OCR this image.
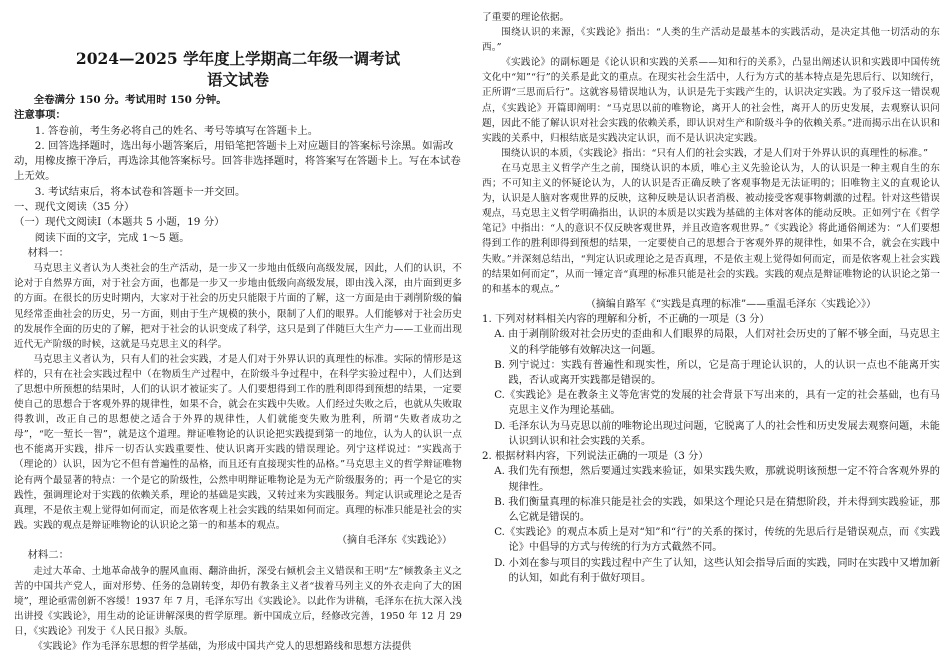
2024—2025 学年度上学期高二年级一调考试

语文试卷

全卷满分 150 分。考试用时 150 分钟。

注意事项：

1. 答卷前，考生务必将自己的姓名、考号等填写在答题卡上。

2. 回答选择题时，选出每小题答案后，用铅笔把答题卡上对应题目的答案标号涂黑。如需改动，用橡皮擦干净后，再选涂其他答案标号。回答非选择题时，将答案写在答题卡上。写在本试卷上无效。

3. 考试结束后，将本试卷和答题卡一并交回。

一、现代文阅读（35 分）

（一）现代文阅读Ⅰ（本题共 5 小题，19 分）

阅读下面的文字，完成 1～5 题。

材料一：

马克思主义者认为人类社会的生产活动，是一步又一步地由低级向高级发展，因此，人们的认识，不论对于自然界方面，对于社会方面，也都是一步又一步地由低级向高级发展，即由浅入深，由片面到更多的方面。在很长的历史时期内，大家对于社会的历史只能限于片面的了解，这一方面是由于剥削阶级的偏见经常歪曲社会的历史，另一方面，则由于生产规模的狭小，限制了人们的眼界。人们能够对于社会历史的发展作全面的历史的了解，把对于社会的认识变成了科学，这只是到了伴随巨大生产力——工业而出现近代无产阶级的时候，这就是马克思主义的科学。

马克思主义者认为，只有人们的社会实践，才是人们对于外界认识的真理性的标准。实际的情形是这样的，只有在社会实践过程中（在物质生产过程中，在阶级斗争过程中，在科学实验过程中），人们达到了思想中所预想的结果时，人们的认识才被证实了。人们要想得到工作的胜利即得到预想的结果，一定要使自己的思想合于客观外界的规律性，如果不合，就会在实践中失败。人们经过失败之后，也就从失败取得教训，改正自己的思想使之适合于外界的规律性，人们就能变失败为胜利，所谓“失败者成功之母”，“吃一堑长一智”，就是这个道理。辩证唯物论的认识论把实践提到第一的地位，认为人的认识一点也不能离开实践，排斥一切否认实践重要性、使认识离开实践的错误理论。列宁这样说过：“实践高于（理论的）认识，因为它不但有普遍性的品格，而且还有直接现实性的品格。”马克思主义的哲学辩证唯物论有两个最显著的特点：一个是它的阶级性，公然申明辩证唯物论是为无产阶级服务的；再一个是它的实践性，强调理论对于实践的依赖关系，理论的基础是实践，又转过来为实践服务。判定认识或理论之是否真理，不是依主观上觉得如何而定，而是依客观上社会实践的结果如何而定。真理的标准只能是社会的实践。实践的观点是辩证唯物论的认识论之第一的和基本的观点。

（摘自毛泽东《实践论》）

材料二：

走过大革命、土地革命战争的腥风血雨、翻浒曲折，深受右倾机会主义错误和王明“左”倾教条主义之苦的中国共产党人，面对形势、任务的急剧转变，却仍有教条主义者“拔着马列主义的外衣走向了大的困境”，理论亟需创新不容缓！1937 年 7 月，毛泽东写出《实践论》。以此作为讲稿，毛泽东在抗大深入浅出讲授《实践论》，用生动的论证讲解深奥的哲学原理。新中国成立后，经修改完善，1950 年 12 月 29 日，《实践论》刊发于《人民日报》头版。

《实践论》作为毛泽东思想的哲学基础，为形成中国共产党人的思想路线和思想方法提供

了重要的理论依据。

围绕认识的来源，《实践论》指出：“人类的生产活动是最基本的实践活动，是决定其他一切活动的东西。”

《实践论》的副标题是《论认识和实践的关系——知和行的关系》，凸显出阐述认识和实践即中国传统文化中“知”“行”的关系是此文的重点。在现实社会生活中，人行为方式的基本特点是先思后行、以知统行，正所谓“三思而后行”。这就容易错误地认为，认识是先于实践产生的，认识决定实践。为了驳斥这一错误观点，《实践论》开篇即阐明：“马克思以前的唯物论，离开人的社会性，离开人的历史发展，去观察认识问题，因此不能了解认识对社会实践的依赖关系，即认识对生产和阶级斗争的依赖关系。”进而揭示出在认识和实践的关系中，归根结底是实践决定认识，而不是认识决定实践。

围绕认识的本质，《实践论》指出：“只有人们的社会实践，才是人们对于外界认识的真理性的标准。”

在马克思主义哲学产生之前，围绕认识的本质，唯心主义先验论认为，人的认识是一种主观自生的东西；不可知主义的怀疑论认为，人的认识是否正确反映了客观事物是无法证明的；旧唯物主义的直观论认为，认识是人脑对客观世界的反映，这种反映是认识者消极、被动接受客观事物刺激的过程。针对这些错误观点，马克思主义哲学明确指出，认识的本质是以实践为基础的主体对客体的能动反映。正如列宁在《哲学笔记》中指出：“人的意识不仅反映客观世界，并且改造客观世界。”《实践论》将此通俗阐述为：“人们要想得到工作的胜利即得到预想的结果，一定要使自己的思想合于客观外界的规律性，如果不合，就会在实践中失败。”并深刻总结出，“判定认识或理论之是否真理，不是依主观上觉得如何而定，而是依客观上社会实践的结果如何而定”，从而一锤定音“真理的标准只能是社会的实践。实践的观点是辩证唯物论的认识论之第一的和基本的观点。”

（摘编自路军《“实践是真理的标准”——重温毛泽东〈实践论〉》）

1. 下列对材料相关内容的理解和分析，不正确的一项是（3 分）

A. 由于剥削阶级对社会历史的歪曲和人们眼界的局限，人们对社会历史的了解不够全面，马克思主义的科学能够有效解决这一问题。

B. 列宁说过：实践有普遍性和现实性，所以，它是高于理论认识的，人的认识一点也不能离开实践，否认或离开实践都是错误的。

C.《实践论》是在教条主义等危害党的发展的社会背景下写出来的，具有一定的社会基础，也有马克思主义作为理论基础。

D. 毛泽东认为马克思以前的唯物论出现过问题，它脱离了人的社会性和历史发展去观察问题，未能认识到认识和社会实践的关系。

2. 根据材料内容，下列说法正确的一项是（3 分）

A. 我们先有预想，然后要通过实践来验证，如果实践失败，那就说明该预想一定不符合客观外界的规律性。

B. 我们衡量真理的标准只能是社会的实践，如果这个理论只是在猜想阶段，并未得到实践验证，那么它就是错误的。

C.《实践论》的观点本质上是对“知”和“行”的关系的探讨，传统的先思后行是错误观点，而《实践论》中倡导的方式与传统的行为方式截然不同。

D. 小刘在参与项目的实践过程中产生了认知，这些认知会指导后面的实践，同时在实践中又增加新的认知，如此有利于做好项目。
